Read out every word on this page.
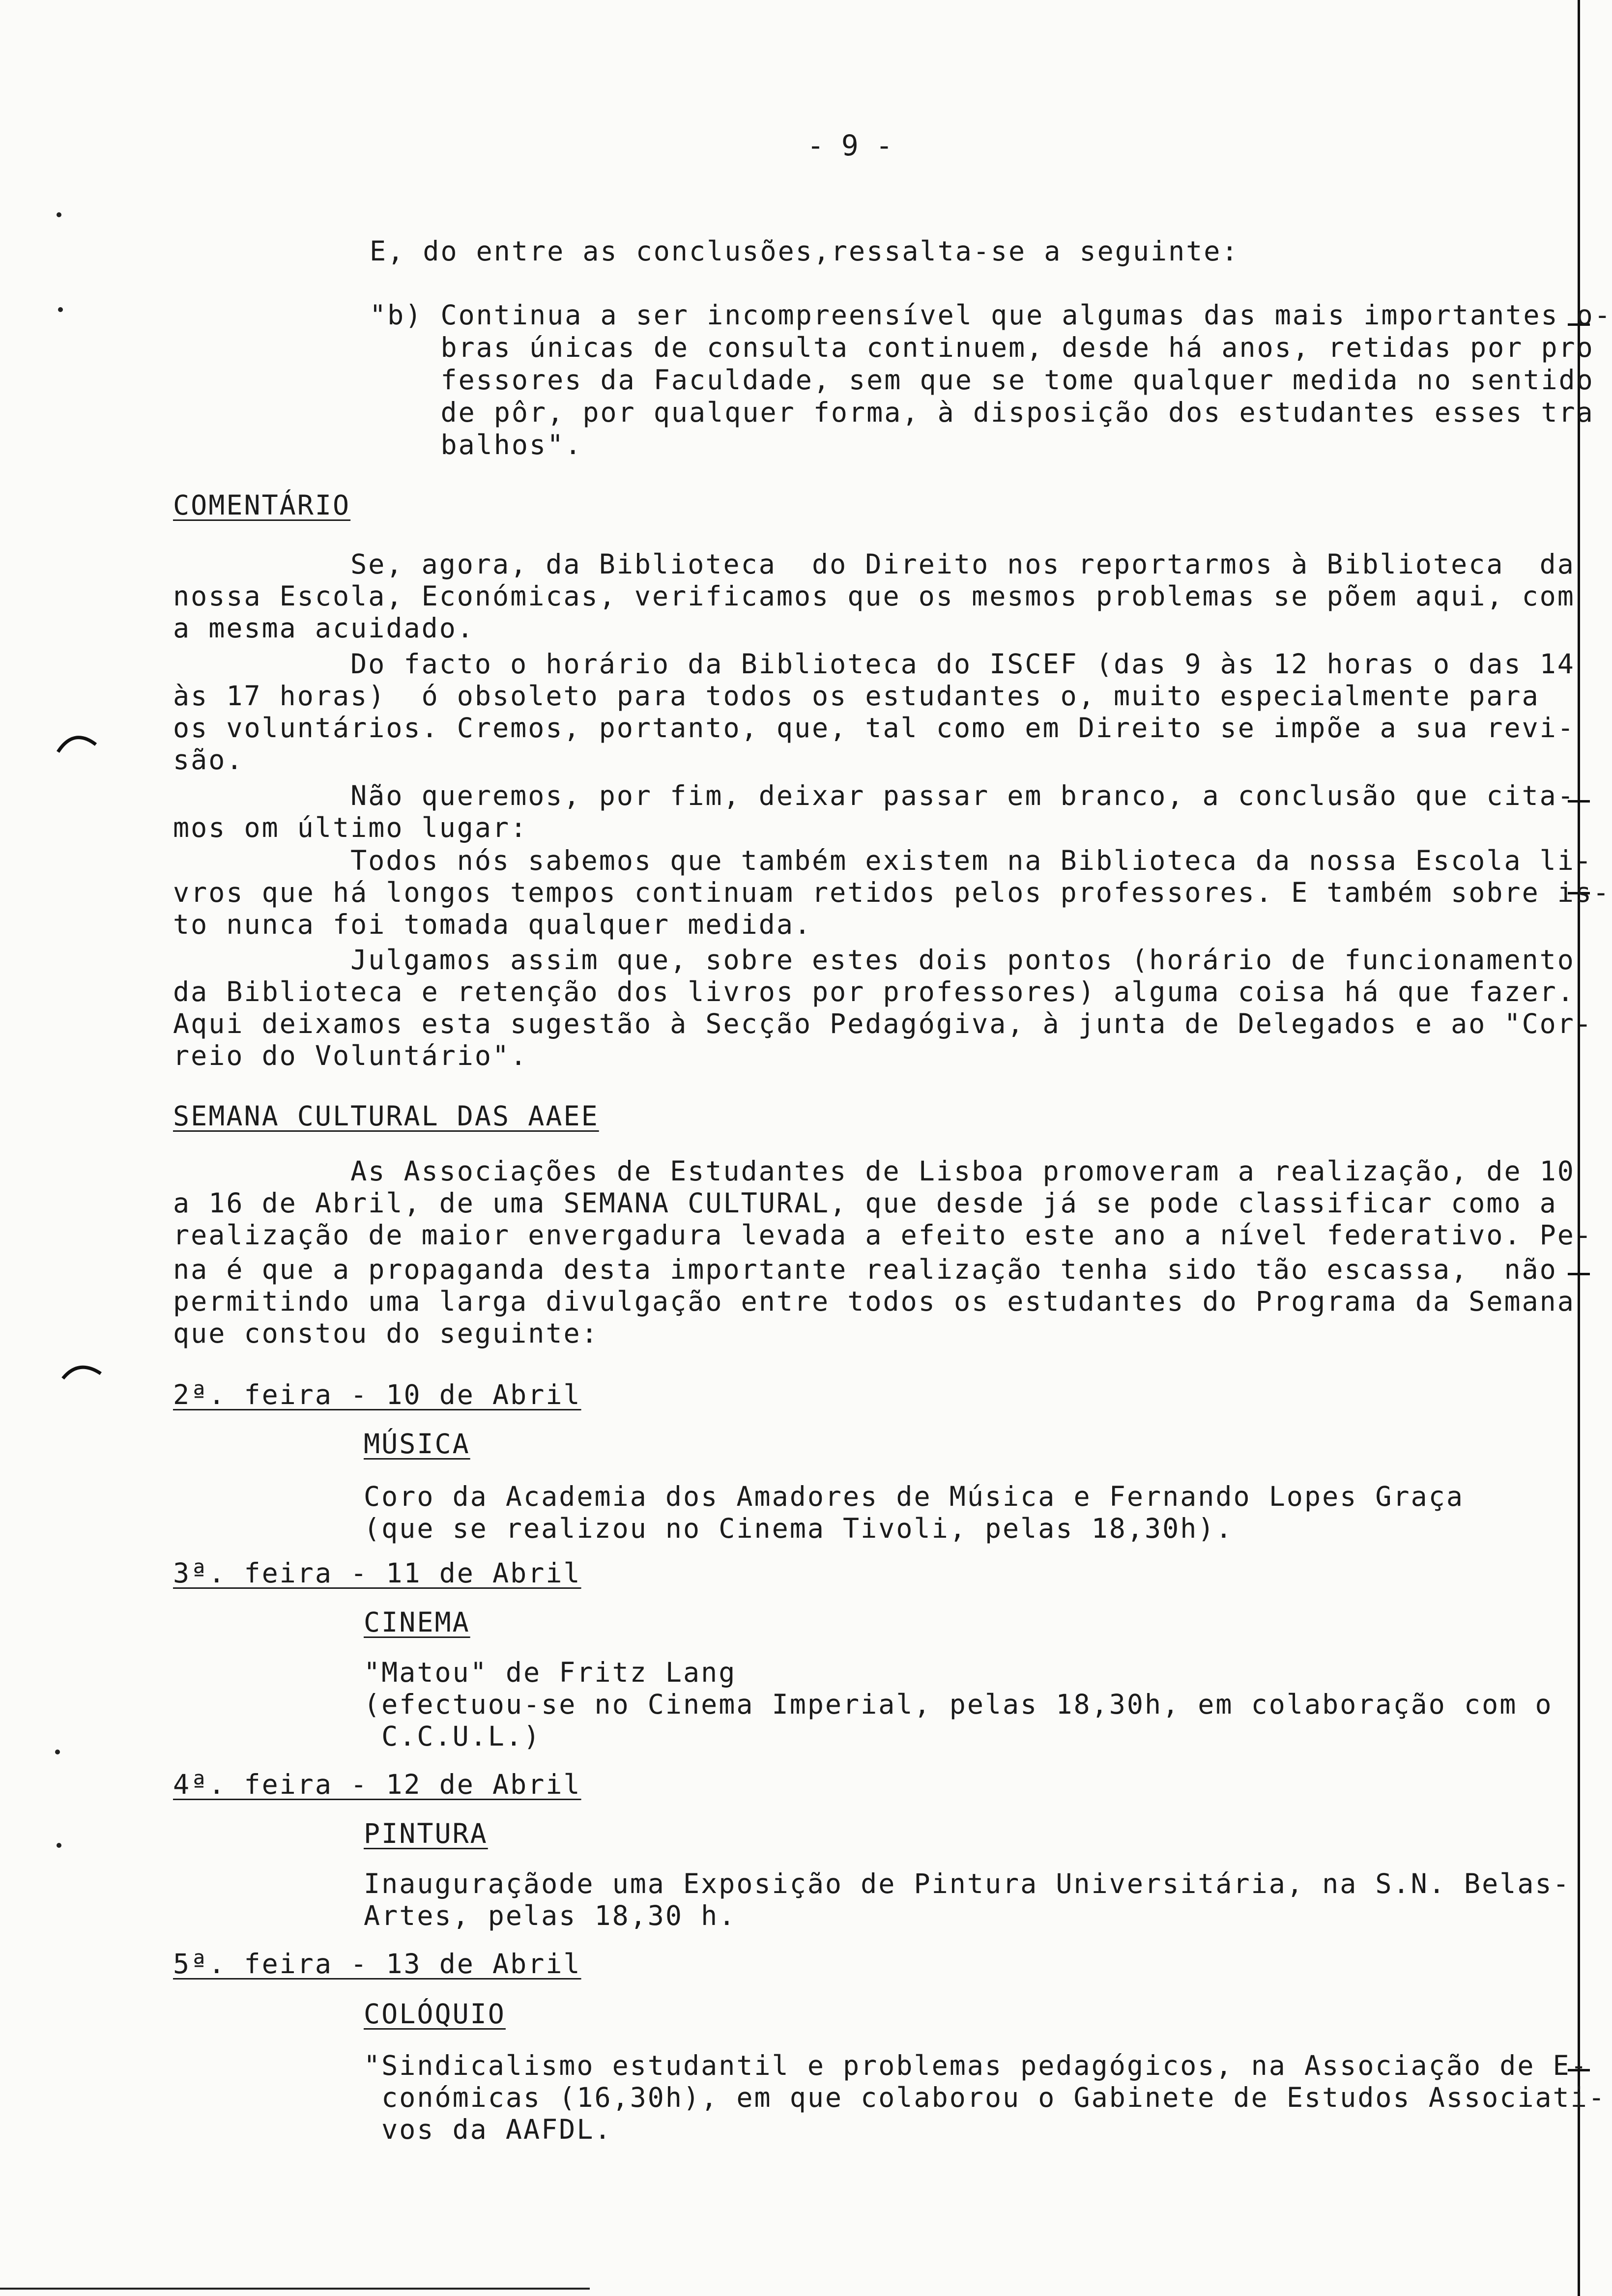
- 9 -
E, do entre as conclusões,ressalta-se a seguinte:
"b) Continua a ser incompreensível que algumas das mais importantes o-
bras únicas de consulta continuem, desde há anos, retidas por pro
fessores da Faculdade, sem que se tome qualquer medida no sentido
de pôr, por qualquer forma, à disposição dos estudantes esses tra
balhos".
COMENTÁRIO
Se, agora, da Biblioteca  do Direito nos reportarmos à Biblioteca  da
nossa Escola, Económicas, verificamos que os mesmos problemas se põem aqui, com
a mesma acuidado.
Do facto o horário da Biblioteca do ISCEF (das 9 às 12 horas o das 14
às 17 horas)  ó obsoleto para todos os estudantes o, muito especialmente para
os voluntários. Cremos, portanto, que, tal como em Direito se impõe a sua revi-
são.
Não queremos, por fim, deixar passar em branco, a conclusão que cita-
mos om último lugar:
Todos nós sabemos que também existem na Biblioteca da nossa Escola li-
vros que há longos tempos continuam retidos pelos professores. E também sobre is-
to nunca foi tomada qualquer medida.
Julgamos assim que, sobre estes dois pontos (horário de funcionamento
da Biblioteca e retenção dos livros por professores) alguma coisa há que fazer.
Aqui deixamos esta sugestão à Secção Pedagógiva, à junta de Delegados e ao "Cor-
reio do Voluntário".
SEMANA CULTURAL DAS AAEE
As Associações de Estudantes de Lisboa promoveram a realização, de 10
a 16 de Abril, de uma SEMANA CULTURAL, que desde já se pode classificar como a
realização de maior envergadura levada a efeito este ano a nível federativo. Pe-
na é que a propaganda desta importante realização tenha sido tão escassa,  não
permitindo uma larga divulgação entre todos os estudantes do Programa da Semana
que constou do seguinte:
2ª. feira - 10 de Abril
MÚSICA
Coro da Academia dos Amadores de Música e Fernando Lopes Graça
(que se realizou no Cinema Tivoli, pelas 18,30h).
3ª. feira - 11 de Abril
CINEMA
"Matou" de Fritz Lang
(efectuou-se no Cinema Imperial, pelas 18,30h, em colaboração com o
C.C.U.L.)
4ª. feira - 12 de Abril
PINTURA
Inauguraçãode uma Exposição de Pintura Universitária, na S.N. Belas-
Artes, pelas 18,30 h.
5ª. feira - 13 de Abril
COLÓQUIO
"Sindicalismo estudantil e problemas pedagógicos, na Associação de E-
conómicas (16,30h), em que colaborou o Gabinete de Estudos Associati-
vos da AAFDL.
